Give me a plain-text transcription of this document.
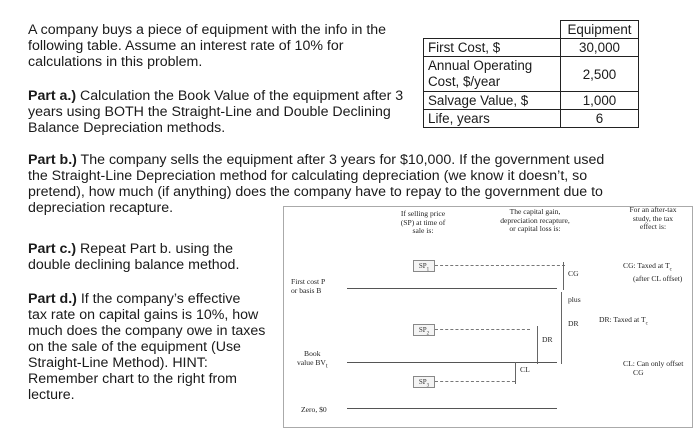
A company buys a piece of equipment with the info in the
following table. Assume an interest rate of 10% for
calculations in this problem.
Part a.) Calculation the Book Value of the equipment after 3
years using BOTH the Straight-Line and Double Declining
Balance Depreciation methods.
Part b.) The company sells the equipment after 3 years for $10,000. If the government used
the Straight-Line Depreciation method for calculating depreciation (we know it doesn’t, so
pretend), how much (if anything) does the company have to repay to the government due to
depreciation recapture.
Part c.) Repeat Part b. using the
double declining balance method.
Part d.) If the company’s effective
tax rate on capital gains is 10%, how
much does the company owe in taxes
on the sale of the equipment (Use
Straight-Line Method). HINT:
Remember chart to the right from
lecture.
	Equipment
First Cost, $	30,000
Annual Operating
Cost, $/year	2,500
Salvage Value, $	1,000
Life, years	6
If selling price
(SP) at time of
sale is:
The capital gain,
depreciation recapture,
or capital loss is:
For an after-tax
study, the tax
effect is:
First cost P
or basis B
Book
value $BV_t$
Zero, $0
$SP_1$
$SP_2$
$SP_3$
CG
plus
DR
DR
CL
CG: Taxed at $T_c$
(after CL offset)
DR: Taxed at $T_c$
CL: Can only offset
CG
